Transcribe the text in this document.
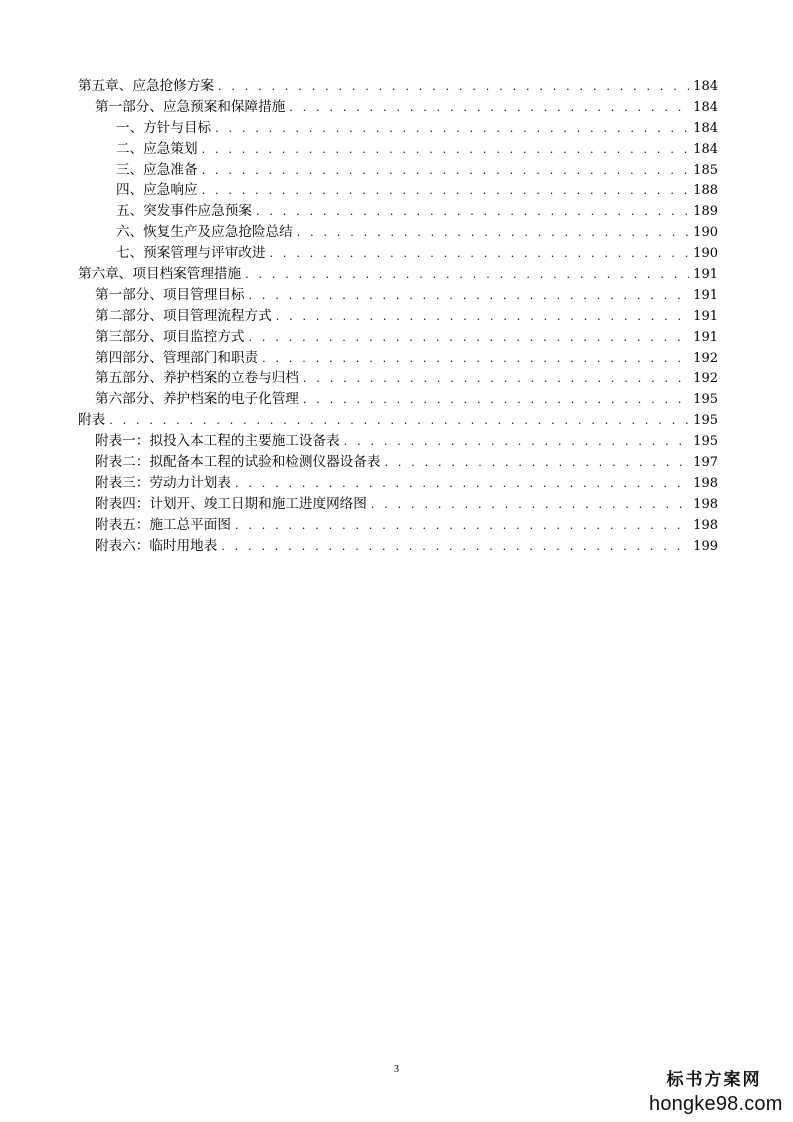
第五章、应急抢修方案 . . .	184
第一部分、应急预案和保障措施 . . .	184
一、方针与目标 . . .	184
二、应急策划 . . .	184
三、应急准备 . . .	185
四、应急响应 . . .	188
五、突发事件应急预案 . . .	189
六、恢复生产及应急抢险总结 . . .	190
七、预案管理与评审改进 . . .	190
第六章、项目档案管理措施 . . .	191
第一部分、项目管理目标 . . .	191
第二部分、项目管理流程方式 . . .	191
第三部分、项目监控方式 . . .	191
第四部分、管理部门和职责 . . .	192
第五部分、养护档案的立卷与归档 . . .	192
第六部分、养护档案的电子化管理 . . .	195
附表 . . .	195
附表一：拟投入本工程的主要施工设备表 . . .	195
附表二：拟配备本工程的试验和检测仪器设备表 . . .	197
附表三：劳动力计划表 . . .	198
附表四：计划开、竣工日期和施工进度网络图 . . .	198
附表五：施工总平面图 . . .	198
附表六：临时用地表 . . .	199
3
标书方案网
hongke98.com
